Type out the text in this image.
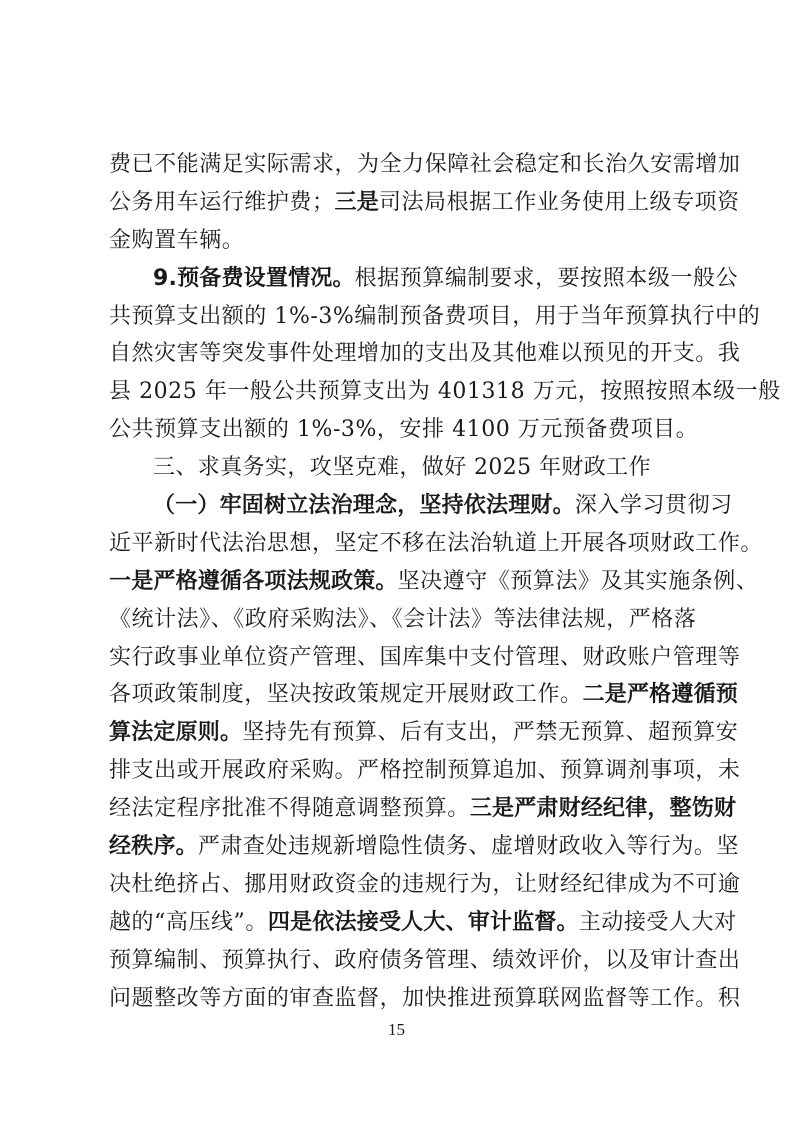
费已不能满足实际需求，为全力保障社会稳定和长治久安需增加
公务用车运行维护费；三是司法局根据工作业务使用上级专项资
金购置车辆。
9.预备费设置情况。根据预算编制要求，要按照本级一般公
共预算支出额的 1%-3%编制预备费项目，用于当年预算执行中的
自然灾害等突发事件处理增加的支出及其他难以预见的开支。我
县 2025 年一般公共预算支出为 401318 万元，按照按照本级一般
公共预算支出额的 1%-3%，安排 4100 万元预备费项目。
三、求真务实，攻坚克难，做好 2025 年财政工作
（一）牢固树立法治理念，坚持依法理财。深入学习贯彻习
近平新时代法治思想，坚定不移在法治轨道上开展各项财政工作。
一是严格遵循各项法规政策。坚决遵守《预算法》及其实施条例、
《统计法》、《政府采购法》、《会计法》等法律法规，严格落
实行政事业单位资产管理、国库集中支付管理、财政账户管理等
各项政策制度，坚决按政策规定开展财政工作。二是严格遵循预
算法定原则。坚持先有预算、后有支出，严禁无预算、超预算安
排支出或开展政府采购。严格控制预算追加、预算调剂事项，未
经法定程序批准不得随意调整预算。三是严肃财经纪律，整饬财
经秩序。严肃查处违规新增隐性债务、虚增财政收入等行为。坚
决杜绝挤占、挪用财政资金的违规行为，让财经纪律成为不可逾
越的“高压线”。四是依法接受人大、审计监督。主动接受人大对
预算编制、预算执行、政府债务管理、绩效评价，以及审计查出
问题整改等方面的审查监督，加快推进预算联网监督等工作。积
15
